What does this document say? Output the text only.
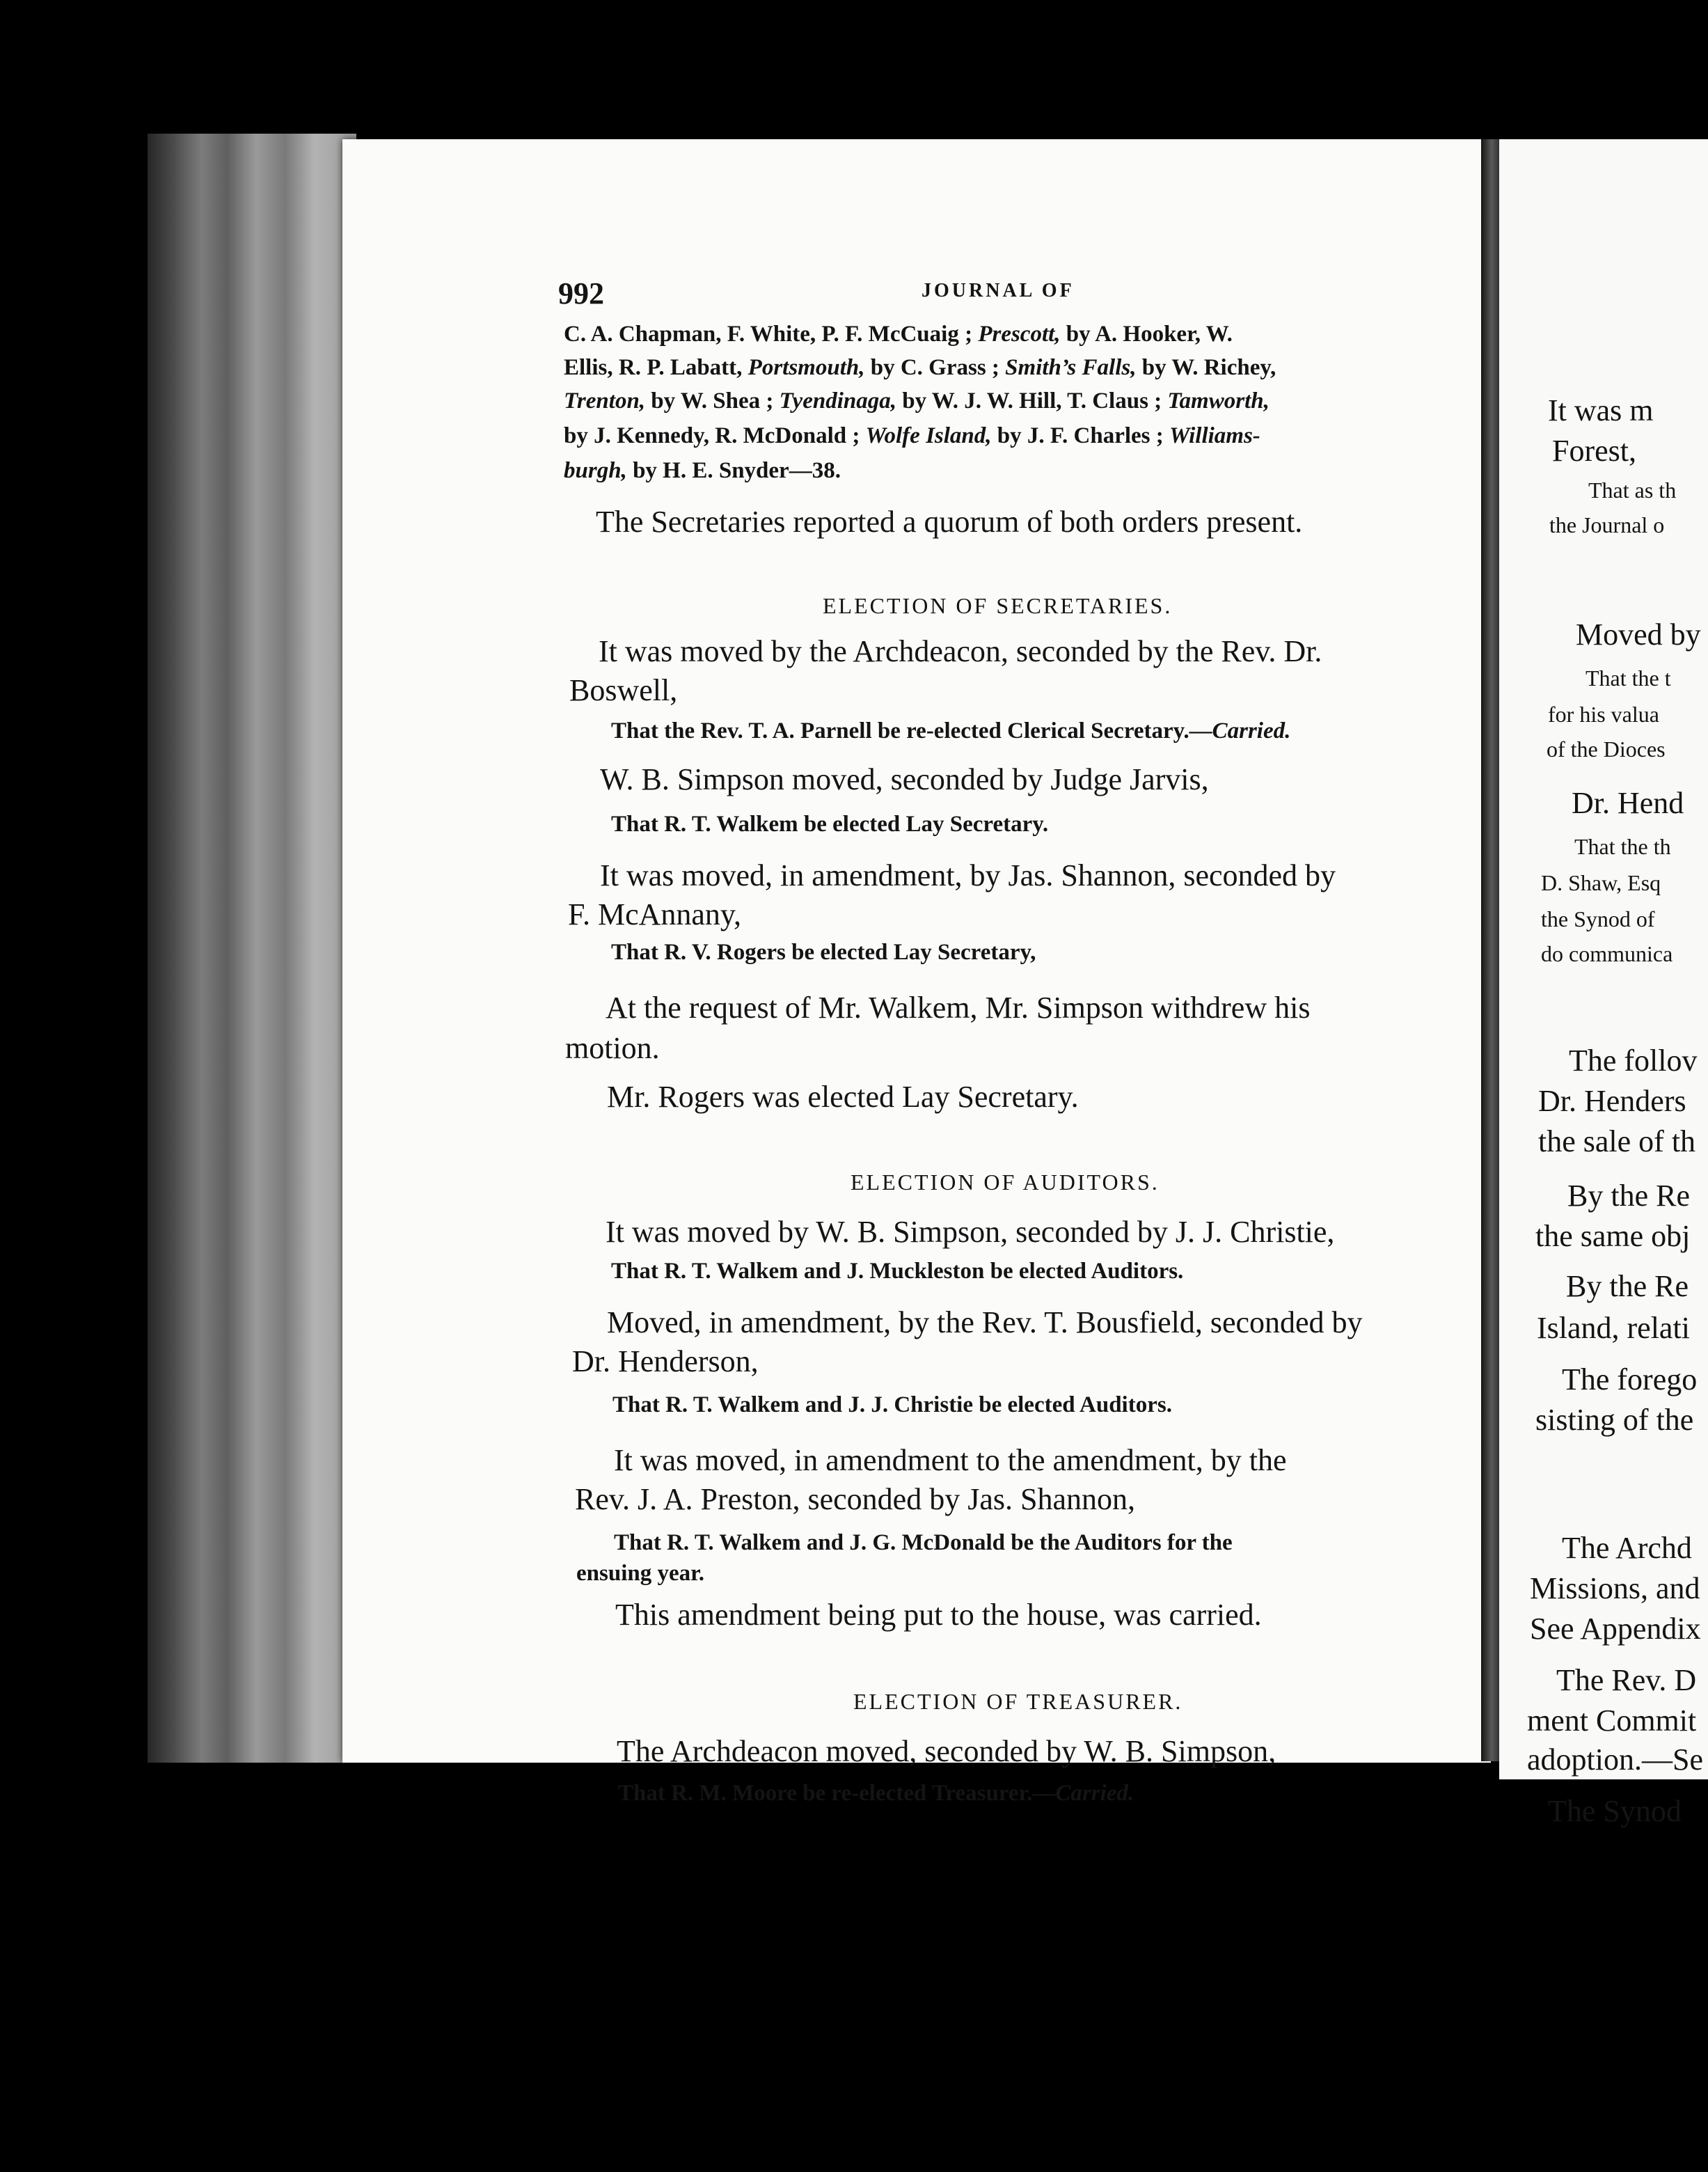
992	JOURNAL OF
C. A. Chapman, F. White, P. F. McCuaig ; Prescott, by A. Hooker, W.
Ellis, R. P. Labatt, Portsmouth, by C. Grass ; Smith’s Falls, by W. Richey,
Trenton, by W. Shea ; Tyendinaga, by W. J. W. Hill, T. Claus ; Tamworth,
by J. Kennedy, R. McDonald ; Wolfe Island, by J. F. Charles ; Williams-
burgh, by H. E. Snyder—38.
The Secretaries reported a quorum of both orders present.
ELECTION OF SECRETARIES.
It was moved by the Archdeacon, seconded by the Rev. Dr.
Boswell,
That the Rev. T. A. Parnell be re-elected Clerical Secretary.—Carried.
W. B. Simpson moved, seconded by Judge Jarvis,
That R. T. Walkem be elected Lay Secretary.
It was moved, in amendment, by Jas. Shannon, seconded by
F. McAnnany,
That R. V. Rogers be elected Lay Secretary,
At the request of Mr. Walkem, Mr. Simpson withdrew his
motion.
Mr. Rogers was elected Lay Secretary.
ELECTION OF AUDITORS.
It was moved by W. B. Simpson, seconded by J. J. Christie,
That R. T. Walkem and J. Muckleston be elected Auditors.
Moved, in amendment, by the Rev. T. Bousfield, seconded by
Dr. Henderson,
That R. T. Walkem and J. J. Christie be elected Auditors.
It was moved, in amendment to the amendment, by the
Rev. J. A. Preston, seconded by Jas. Shannon,
That R. T. Walkem and J. G. McDonald be the Auditors for the
ensuing year.
This amendment being put to the house, was carried.
ELECTION OF TREASURER.
The Archdeacon moved, seconded by W. B. Simpson,
That R. M. Moore be re-elected Treasurer.—Carried.
It was m
Forest,
That as th
the Journal o
Moved by
That the t
for his valua
of the Dioces
Dr. Hend
That the th
D. Shaw, Esq
the Synod of
do communica
The follov
Dr. Henders
the sale of th
By the Re
the same obj
By the Re
Island, relati
The forego
sisting of the
The Archd
Missions, and
See Appendix
The Rev. D
ment Commit
adoption.—Se
The Synod
